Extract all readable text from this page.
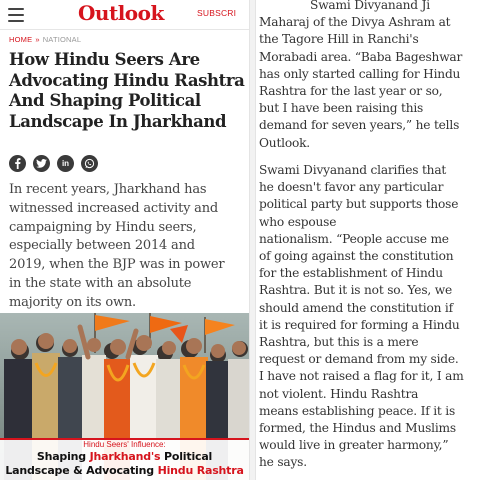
Outlook	SUBSCRI
HOME » NATIONAL
How Hindu Seers Are
Advocating Hindu Rashtra
And Shaping Political
Landscape In Jharkhand
in
In recent years, Jharkhand has
witnessed increased activity and
campaigning by Hindu seers,
especially between 2014 and
2019, when the BJP was in power
in the state with an absolute
majority on its own.
Hindu Seers' Influence:
Shaping Jharkhand's Political
Landscape & Advocating Hindu Rashtra
Swami Divyanand Ji
Maharaj of the Divya Ashram at
the Tagore Hill in Ranchi's
Morabadi area. “Baba Bageshwar
has only started calling for Hindu
Rashtra for the last year or so,
but I have been raising this
demand for seven years,” he tells
Outlook.
Swami Divyanand clarifies that
he doesn't favor any particular
political party but supports those
who espouse
nationalism. “People accuse me
of going against the constitution
for the establishment of Hindu
Rashtra. But it is not so. Yes, we
should amend the constitution if
it is required for forming a Hindu
Rashtra, but this is a mere
request or demand from my side.
I have not raised a flag for it, I am
not violent. Hindu Rashtra
means establishing peace. If it is
formed, the Hindus and Muslims
would live in greater harmony,”
he says.
